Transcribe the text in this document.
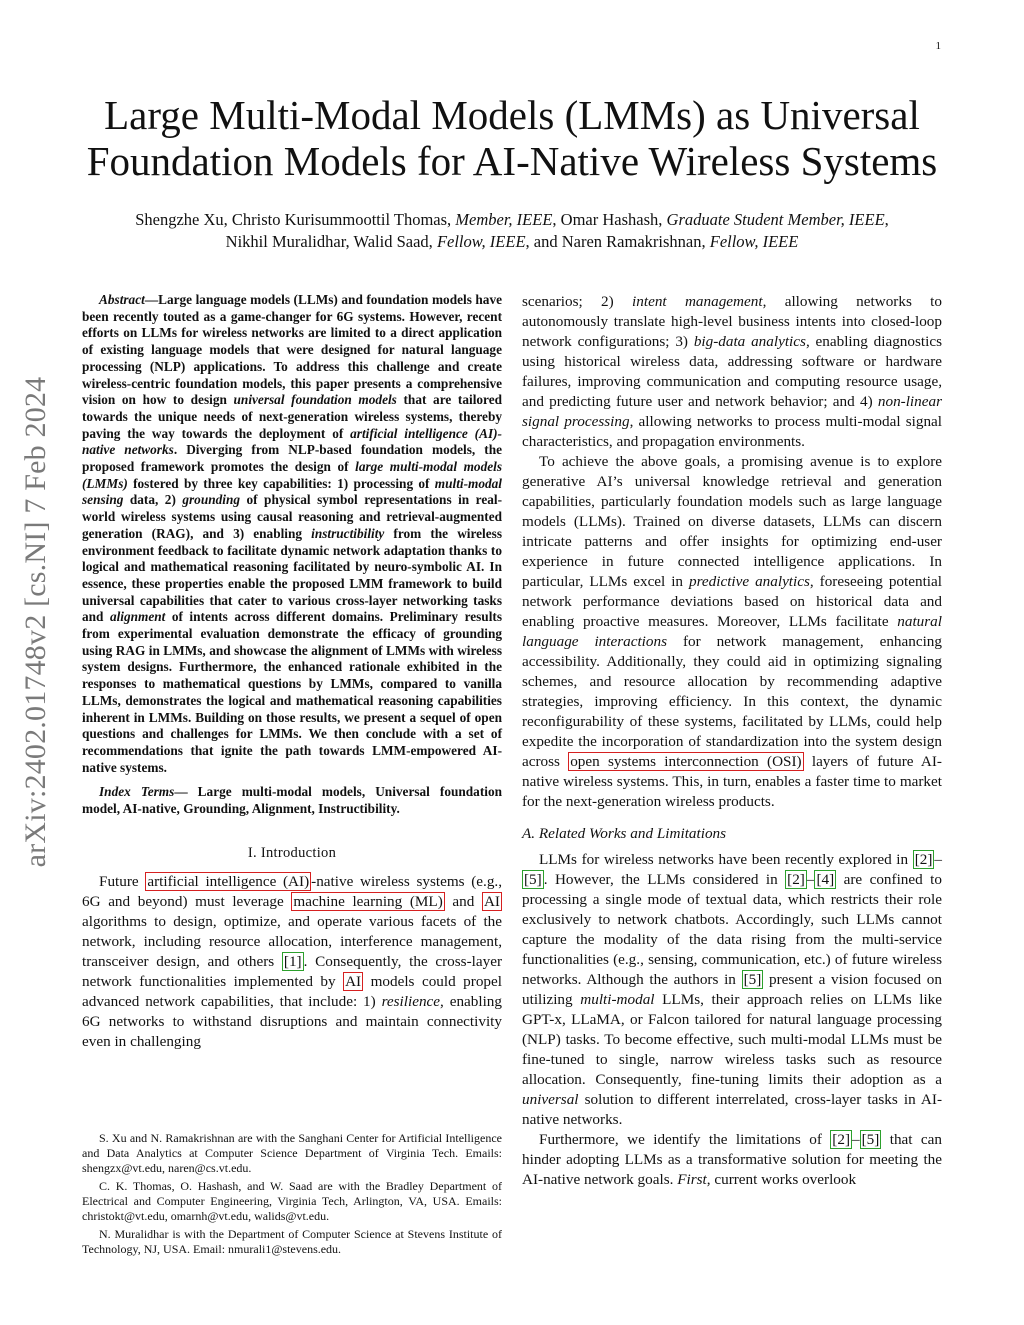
1
arXiv:2402.01748v2 [cs.NI] 7 Feb 2024
Large Multi-Modal Models (LMMs) as Universal
Foundation Models for AI-Native Wireless Systems
Shengzhe Xu, Christo Kurisummoottil Thomas, Member, IEEE, Omar Hashash, Graduate Student Member, IEEE,
Nikhil Muralidhar, Walid Saad, Fellow, IEEE, and Naren Ramakrishnan, Fellow, IEEE

Abstract—Large language models (LLMs) and foundation models have been recently touted as a game-changer for 6G systems. However, recent efforts on LLMs for wireless networks are limited to a direct application of existing language models that were designed for natural language processing (NLP) applications. To address this challenge and create wireless-centric foundation models, this paper presents a comprehensive vision on how to design universal foundation models that are tailored towards the unique needs of next-generation wireless systems, thereby paving the way towards the deployment of artificial intelligence (AI)-native networks. Diverging from NLP-based foundation models, the proposed framework promotes the design of large multi-modal models (LMMs) fostered by three key capabilities: 1) processing of multi-modal sensing data, 2) grounding of physical symbol representations in real-world wireless systems using causal reasoning and retrieval-augmented generation (RAG), and 3) enabling instructibility from the wireless environment feedback to facilitate dynamic network adaptation thanks to logical and mathematical reasoning facilitated by neuro-symbolic AI. In essence, these properties enable the proposed LMM framework to build universal capabilities that cater to various cross-layer networking tasks and alignment of intents across different domains. Preliminary results from experimental evaluation demonstrate the efficacy of grounding using RAG in LMMs, and showcase the alignment of LMMs with wireless system designs. Furthermore, the enhanced rationale exhibited in the responses to mathematical questions by LMMs, compared to vanilla LLMs, demonstrates the logical and mathematical reasoning capabilities inherent in LMMs. Building on those results, we present a sequel of open questions and challenges for LMMs. We then conclude with a set of recommendations that ignite the path towards LMM-empowered AI-native systems.

Index Terms— Large multi-modal models, Universal foundation model, AI-native, Grounding, Alignment, Instructibility.

I. Introduction

Future artificial intelligence (AI) -native wireless systems (e.g., 6G and beyond) must leverage machine learning (ML) and AI algorithms to design, optimize, and operate various facets of the network, including resource allocation, interference management, transceiver design, and others [1] . Consequently, the cross-layer network functionalities implemented by AI models could propel advanced network capabilities, that include: 1) resilience, enabling 6G networks to withstand disruptions and maintain connectivity even in challenging

S. Xu and N. Ramakrishnan are with the Sanghani Center for Artificial Intelligence and Data Analytics at Computer Science Department of Virginia Tech. Emails: shengzx@vt.edu, naren@cs.vt.edu.

C. K. Thomas, O. Hashash, and W. Saad are with the Bradley Department of Electrical and Computer Engineering, Virginia Tech, Arlington, VA, USA. Emails: christokt@vt.edu, omarnh@vt.edu, walids@vt.edu.

N. Muralidhar is with the Department of Computer Science at Stevens Institute of Technology, NJ, USA. Email: nmurali1@stevens.edu.

scenarios; 2) intent management, allowing networks to autonomously translate high-level business intents into closed-loop network configurations; 3) big-data analytics, enabling diagnostics using historical wireless data, addressing software or hardware failures, improving communication and computing resource usage, and predicting future user and network behavior; and 4) non-linear signal processing, allowing networks to process multi-modal signal characteristics, and propagation environments.

To achieve the above goals, a promising avenue is to explore generative AI’s universal knowledge retrieval and generation capabilities, particularly foundation models such as large language models (LLMs). Trained on diverse datasets, LLMs can discern intricate patterns and offer insights for optimizing end-user experience in future connected intelligence applications. In particular, LLMs excel in predictive analytics, foreseeing potential network performance deviations based on historical data and enabling proactive measures. Moreover, LLMs facilitate natural language interactions for network management, enhancing accessibility. Additionally, they could aid in optimizing signaling schemes, and resource allocation by recommending adaptive strategies, improving efficiency. In this context, the dynamic reconfigurability of these systems, facilitated by LLMs, could help expedite the incorporation of standardization into the system design across open systems interconnection (OSI) layers of future AI-native wireless systems. This, in turn, enables a faster time to market for the next-generation wireless products.

A. Related Works and Limitations

LLMs for wireless networks have been recently explored in [2] –[5] . However, the LLMs considered in [2] – [4] are confined to processing a single mode of textual data, which restricts their role exclusively to network chatbots. Accordingly, such LLMs cannot capture the modality of the data rising from the multi-service functionalities (e.g., sensing, communication, etc.) of future wireless networks. Although the authors in [5] present a vision focused on utilizing multi-modal LLMs, their approach relies on LLMs like GPT-x, LLaMA, or Falcon tailored for natural language processing (NLP) tasks. To become effective, such multi-modal LLMs must be fine-tuned to single, narrow wireless tasks such as resource allocation. Consequently, fine-tuning limits their adoption as a universal solution to different interrelated, cross-layer tasks in AI-native networks.

Furthermore, we identify the limitations of [2] – [5] that can hinder adopting LLMs as a transformative solution for meeting the AI-native network goals. First, current works overlook
